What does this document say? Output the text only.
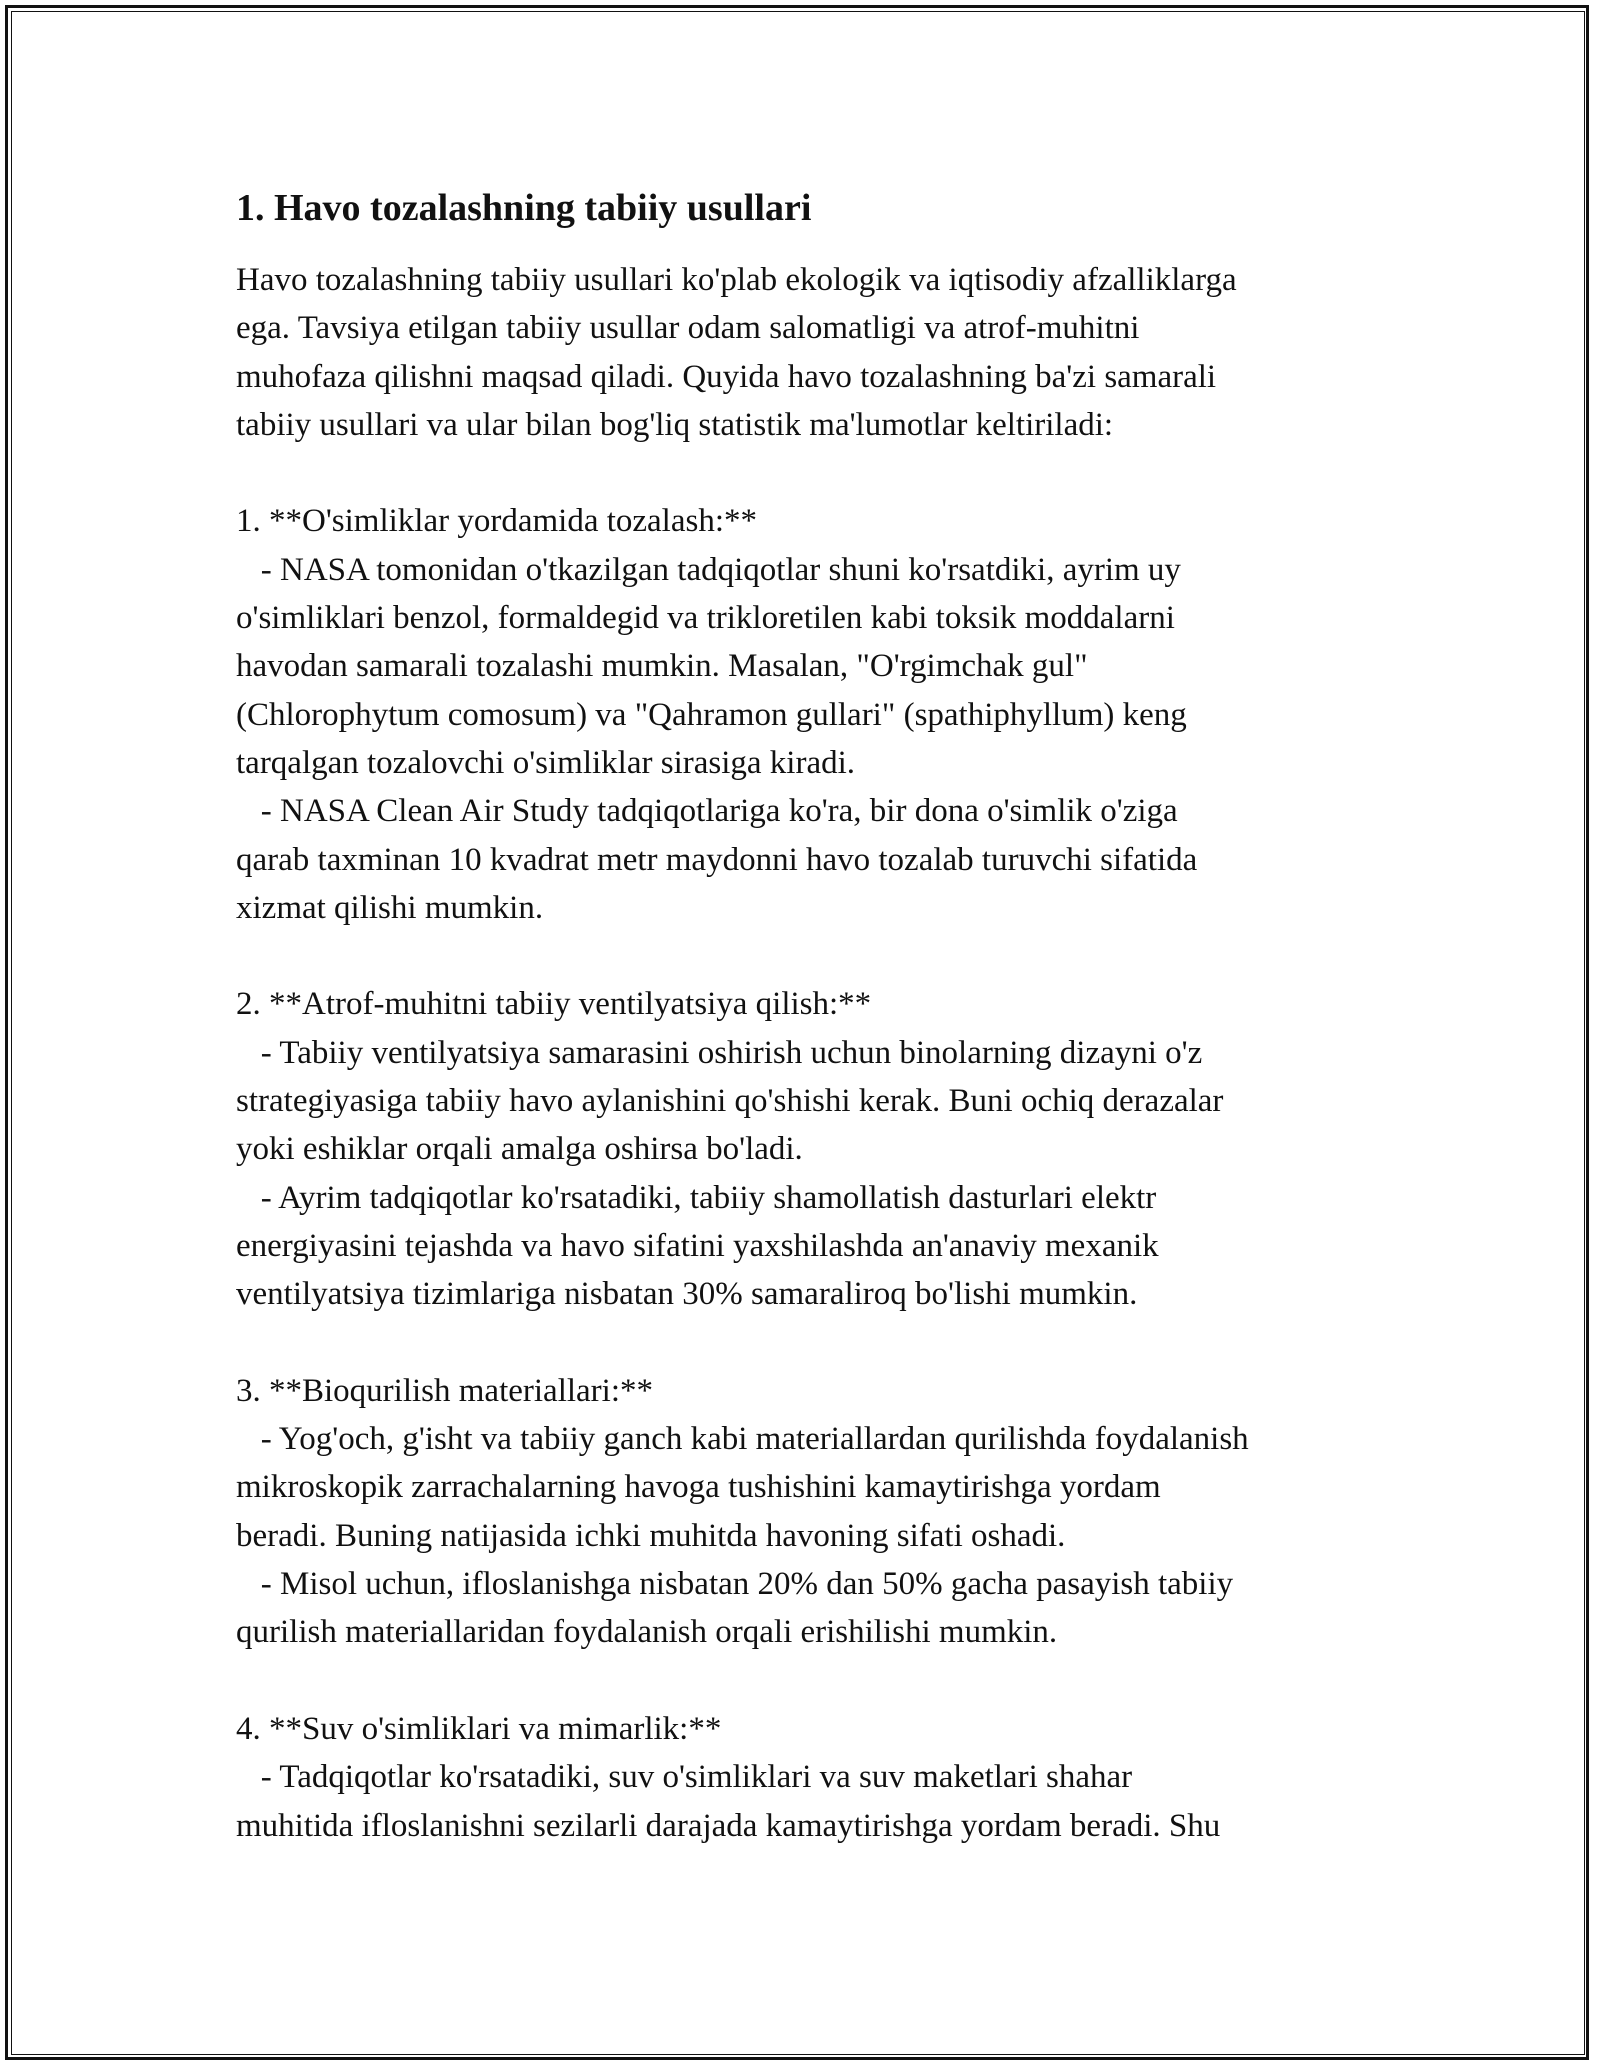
1. Havo tozalashning tabiiy usullari
Havo tozalashning tabiiy usullari ko'plab ekologik va iqtisodiy afzalliklarga
ega. Tavsiya etilgan tabiiy usullar odam salomatligi va atrof-muhitni
muhofaza qilishni maqsad qiladi. Quyida havo tozalashning ba'zi samarali
tabiiy usullari va ular bilan bog'liq statistik ma'lumotlar keltiriladi:
1. **O'simliklar yordamida tozalash:**
- NASA tomonidan o'tkazilgan tadqiqotlar shuni ko'rsatdiki, ayrim uy
o'simliklari benzol, formaldegid va trikloretilen kabi toksik moddalarni
havodan samarali tozalashi mumkin. Masalan, "O'rgimchak gul"
(Chlorophytum comosum) va "Qahramon gullari" (spathiphyllum) keng
tarqalgan tozalovchi o'simliklar sirasiga kiradi.
- NASA Clean Air Study tadqiqotlariga ko'ra, bir dona o'simlik o'ziga
qarab taxminan 10 kvadrat metr maydonni havo tozalab turuvchi sifatida
xizmat qilishi mumkin.
2. **Atrof-muhitni tabiiy ventilyatsiya qilish:**
- Tabiiy ventilyatsiya samarasini oshirish uchun binolarning dizayni o'z
strategiyasiga tabiiy havo aylanishini qo'shishi kerak. Buni ochiq derazalar
yoki eshiklar orqali amalga oshirsa bo'ladi.
- Ayrim tadqiqotlar ko'rsatadiki, tabiiy shamollatish dasturlari elektr
energiyasini tejashda va havo sifatini yaxshilashda an'anaviy mexanik
ventilyatsiya tizimlariga nisbatan 30% samaraliroq bo'lishi mumkin.
3. **Bioqurilish materiallari:**
- Yog'och, g'isht va tabiiy ganch kabi materiallardan qurilishda foydalanish
mikroskopik zarrachalarning havoga tushishini kamaytirishga yordam
beradi. Buning natijasida ichki muhitda havoning sifati oshadi.
- Misol uchun, ifloslanishga nisbatan 20% dan 50% gacha pasayish tabiiy
qurilish materiallaridan foydalanish orqali erishilishi mumkin.
4. **Suv o'simliklari va mimarlik:**
- Tadqiqotlar ko'rsatadiki, suv o'simliklari va suv maketlari shahar
muhitida ifloslanishni sezilarli darajada kamaytirishga yordam beradi. Shu
